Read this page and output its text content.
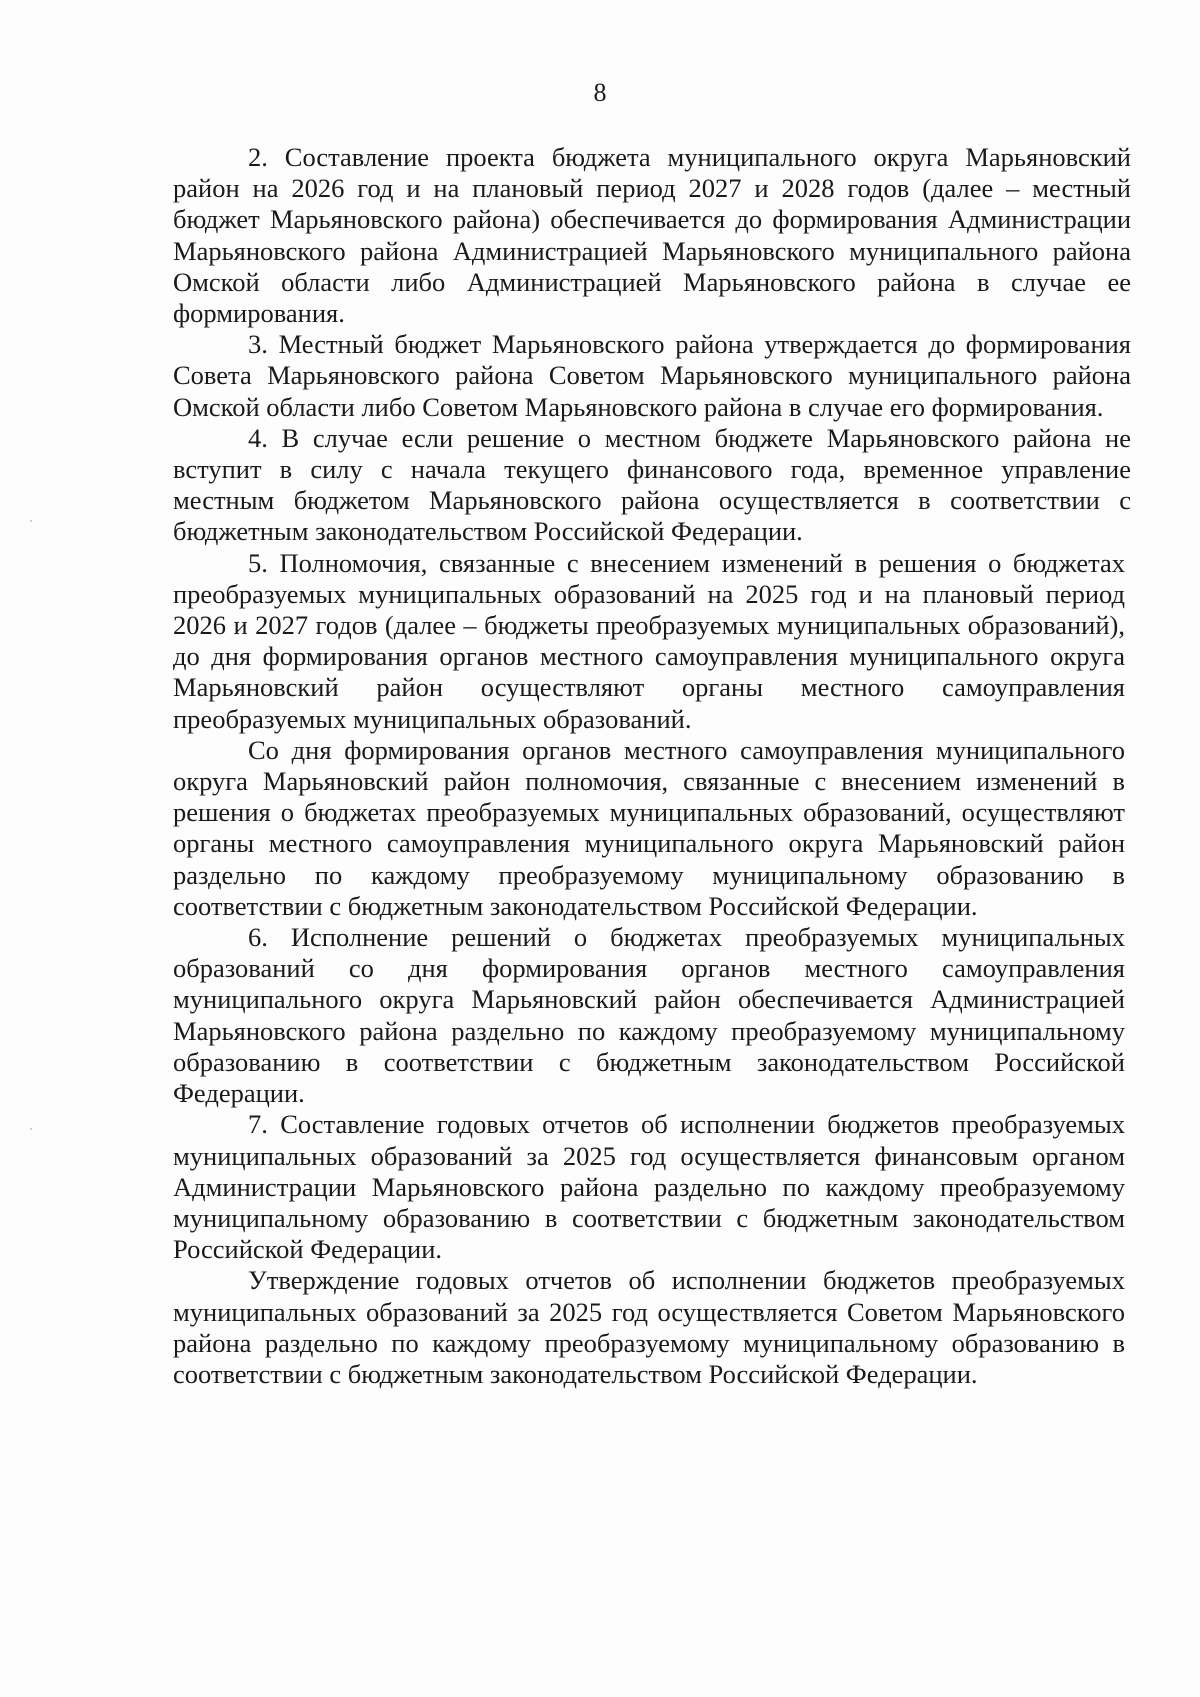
8

2. Составление проекта бюджета муниципального округа Марьяновский район на 2026 год и на плановый период 2027 и 2028 годов (далее – местный бюджет Марьяновского района) обеспечивается до формирования Администрации Марьяновского района Администрацией Марьяновского муниципального района Омской области либо Администрацией Марьяновского района в случае ее формирования.

3. Местный бюджет Марьяновского района утверждается до формирования Совета Марьяновского района Советом Марьяновского муниципального района Омской области либо Советом Марьяновского района в случае его формирования.

4. В случае если решение о местном бюджете Марьяновского района не вступит в силу с начала текущего финансового года, временное управление местным бюджетом Марьяновского района осуществляется в соответствии с бюджетным законодательством Российской Федерации.

5. Полномочия, связанные с внесением изменений в решения о бюджетах преобразуемых муниципальных образований на 2025 год и на плановый период 2026 и 2027 годов (далее – бюджеты преобразуемых муниципальных образований), до дня формирования органов местного самоуправления муниципального округа Марьяновский район осуществляют органы местного самоуправления преобразуемых муниципальных образований.

Со дня формирования органов местного самоуправления муниципального округа Марьяновский район полномочия, связанные с внесением изменений в решения о бюджетах преобразуемых муниципальных образований, осуществляют органы местного самоуправления муниципального округа Марьяновский район раздельно по каждому преобразуемому муниципальному образованию в соответствии с бюджетным законодательством Российской Федерации.

6. Исполнение решений о бюджетах преобразуемых муниципальных образований со дня формирования органов местного самоуправления муниципального округа Марьяновский район обеспечивается Администрацией Марьяновского района раздельно по каждому преобразуемому муниципальному образованию в соответствии с бюджетным законодательством Российской Федерации.

7. Составление годовых отчетов об исполнении бюджетов преобразуемых муниципальных образований за 2025 год осуществляется финансовым органом Администрации Марьяновского района раздельно по каждому преобразуемому муниципальному образованию в соответствии с бюджетным законодательством Российской Федерации.

Утверждение годовых отчетов об исполнении бюджетов преобразуемых муниципальных образований за 2025 год осуществляется Советом Марьяновского района раздельно по каждому преобразуемому муниципальному образованию в соответствии с бюджетным законодательством Российской Федерации.
